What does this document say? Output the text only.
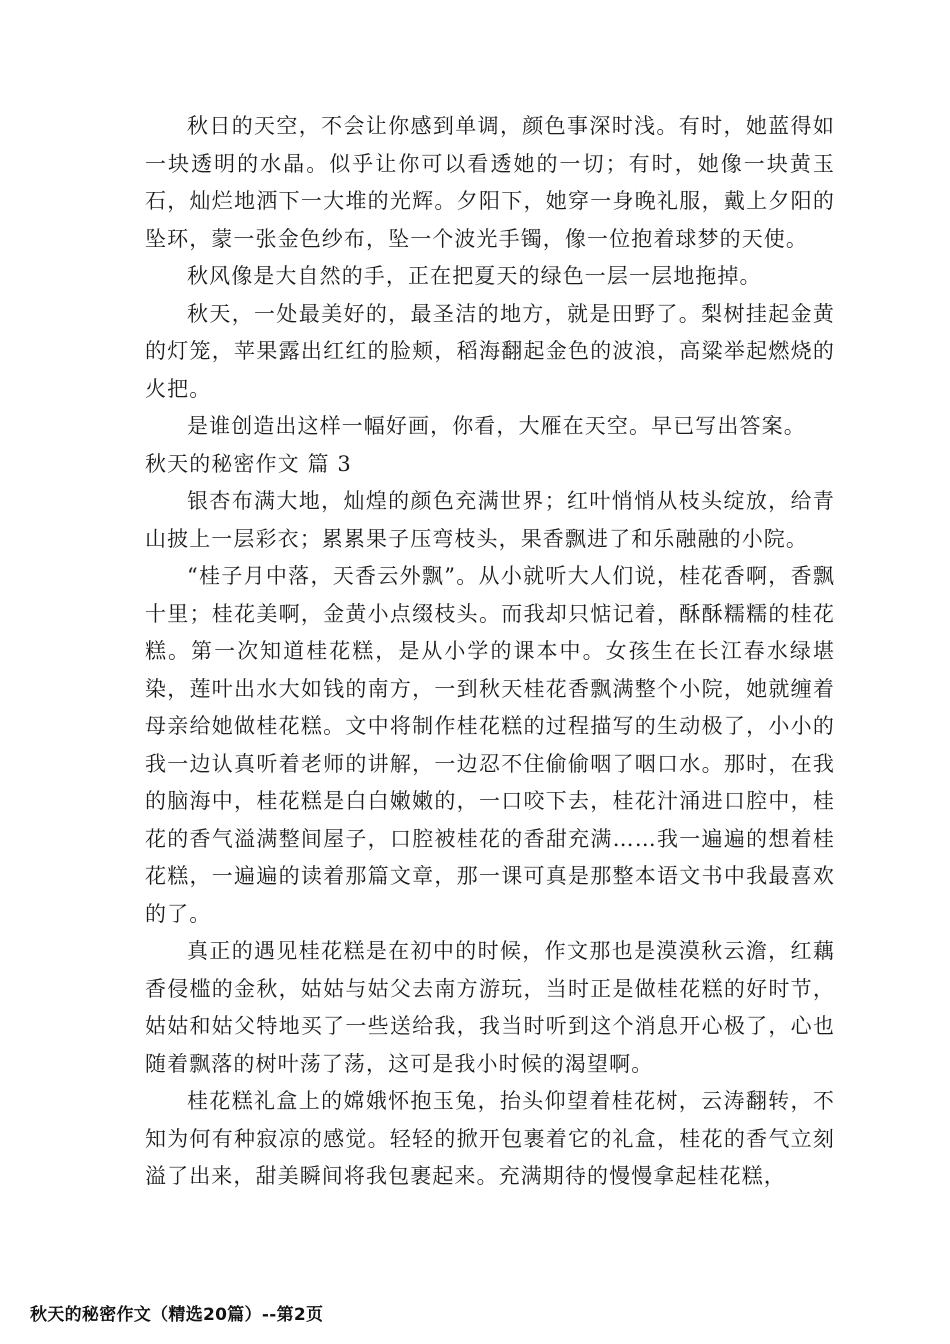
秋日的天空，不会让你感到单调，颜色事深时浅。有时，她蓝得如一块透明的水晶。似乎让你可以看透她的一切；有时，她像一块黄玉石，灿烂地洒下一大堆的光辉。夕阳下，她穿一身晚礼服，戴上夕阳的坠环，蒙一张金色纱布，坠一个波光手镯，像一位抱着球梦的天使。

秋风像是大自然的手，正在把夏天的绿色一层一层地拖掉。

秋天，一处最美好的，最圣洁的地方，就是田野了。梨树挂起金黄的灯笼，苹果露出红红的脸颊，稻海翻起金色的波浪，高粱举起燃烧的火把。

是谁创造出这样一幅好画，你看，大雁在天空。早已写出答案。

秋天的秘密作文 篇 3

银杏布满大地，灿煌的颜色充满世界；红叶悄悄从枝头绽放，给青山披上一层彩衣；累累果子压弯枝头，果香飘进了和乐融融的小院。

“桂子月中落，天香云外飘”。从小就听大人们说，桂花香啊，香飘十里；桂花美啊，金黄小点缀枝头。而我却只惦记着，酥酥糯糯的桂花糕。第一次知道桂花糕，是从小学的课本中。女孩生在长江春水绿堪染，莲叶出水大如钱的南方，一到秋天桂花香飘满整个小院，她就缠着母亲给她做桂花糕。文中将制作桂花糕的过程描写的生动极了，小小的我一边认真听着老师的讲解，一边忍不住偷偷咽了咽口水。那时，在我的脑海中，桂花糕是白白嫩嫩的，一口咬下去，桂花汁涌进口腔中，桂花的香气溢满整间屋子，口腔被桂花的香甜充满……我一遍遍的想着桂花糕，一遍遍的读着那篇文章，那一课可真是那整本语文书中我最喜欢的了。

真正的遇见桂花糕是在初中的时候，作文那也是漠漠秋云澹，红藕香侵槛的金秋，姑姑与姑父去南方游玩，当时正是做桂花糕的好时节，姑姑和姑父特地买了一些送给我，我当时听到这个消息开心极了，心也随着飘落的树叶荡了荡，这可是我小时候的渴望啊。

桂花糕礼盒上的嫦娥怀抱玉兔，抬头仰望着桂花树，云涛翻转，不知为何有种寂凉的感觉。轻轻的掀开包裹着它的礼盒，桂花的香气立刻溢了出来，甜美瞬间将我包裹起来。充满期待的慢慢拿起桂花糕，

秋天的秘密作文（精选20篇）--第2页
